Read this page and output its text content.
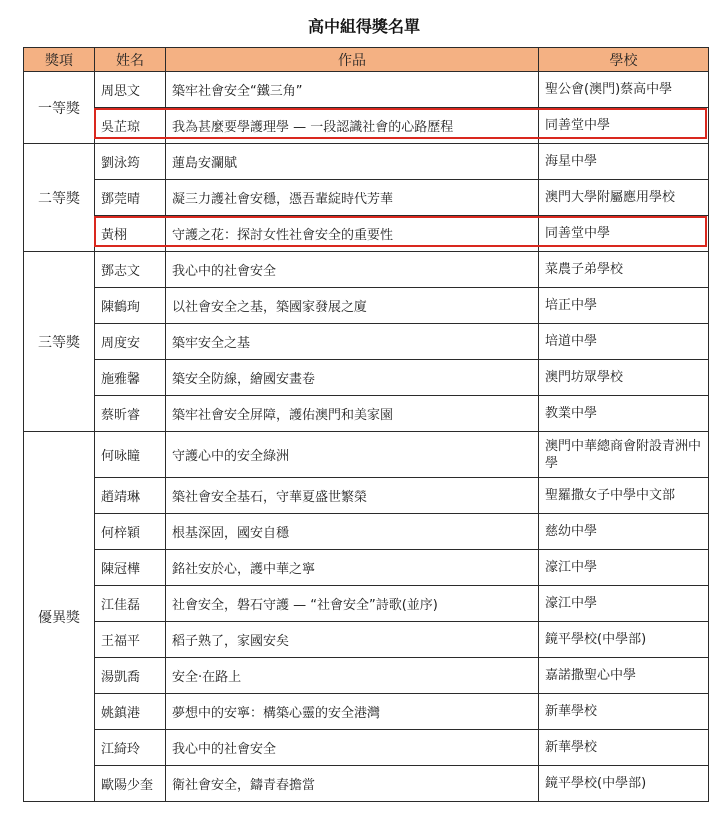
高中組得獎名單
獎項	姓名	作品	學校
一等獎	周思文	築牢社會安全“鐵三角”	聖公會(澳門)蔡高中學
	吳芷琼	我為甚麼要學護理學 — 一段認識社會的心路歷程	同善堂中學
二等獎	劉泳筠	蓮島安瀾賦	海星中學
	鄧莞晴	凝三力護社會安穩，憑吾輩綻時代芳華	澳門大學附屬應用學校
	黃栩	守護之花：探討女性社會安全的重要性	同善堂中學
三等獎	鄧志文	我心中的社會安全	菜農子弟學校
	陳鶴珣	以社會安全之基，築國家發展之廈	培正中學
	周度安	築牢安全之基	培道中學
	施雅馨	築安全防線，繪國安畫卷	澳門坊眾學校
	蔡昕睿	築牢社會安全屏障，護佑澳門和美家園	教業中學
優異獎	何咏瞳	守護心中的安全綠洲	澳門中華總商會附設青洲中學
	趙靖琳	築社會安全基石，守華夏盛世繁榮	聖羅撒女子中學中文部
	何梓穎	根基深固，國安自穩	慈幼中學
	陳冠樺	銘社安於心，護中華之寧	濠江中學
	江佳磊	社會安全，磐石守護 — “社會安全”詩歌(並序)	濠江中學
	王福平	稻子熟了，家國安矣	鏡平學校(中學部)
	湯凱喬	安全·在路上	嘉諾撒聖心中學
	姚鎮港	夢想中的安寧：構築心靈的安全港灣	新華學校
	江綺玲	我心中的社會安全	新華學校
	歐陽少奎	衛社會安全，鑄青春擔當	鏡平學校(中學部)
